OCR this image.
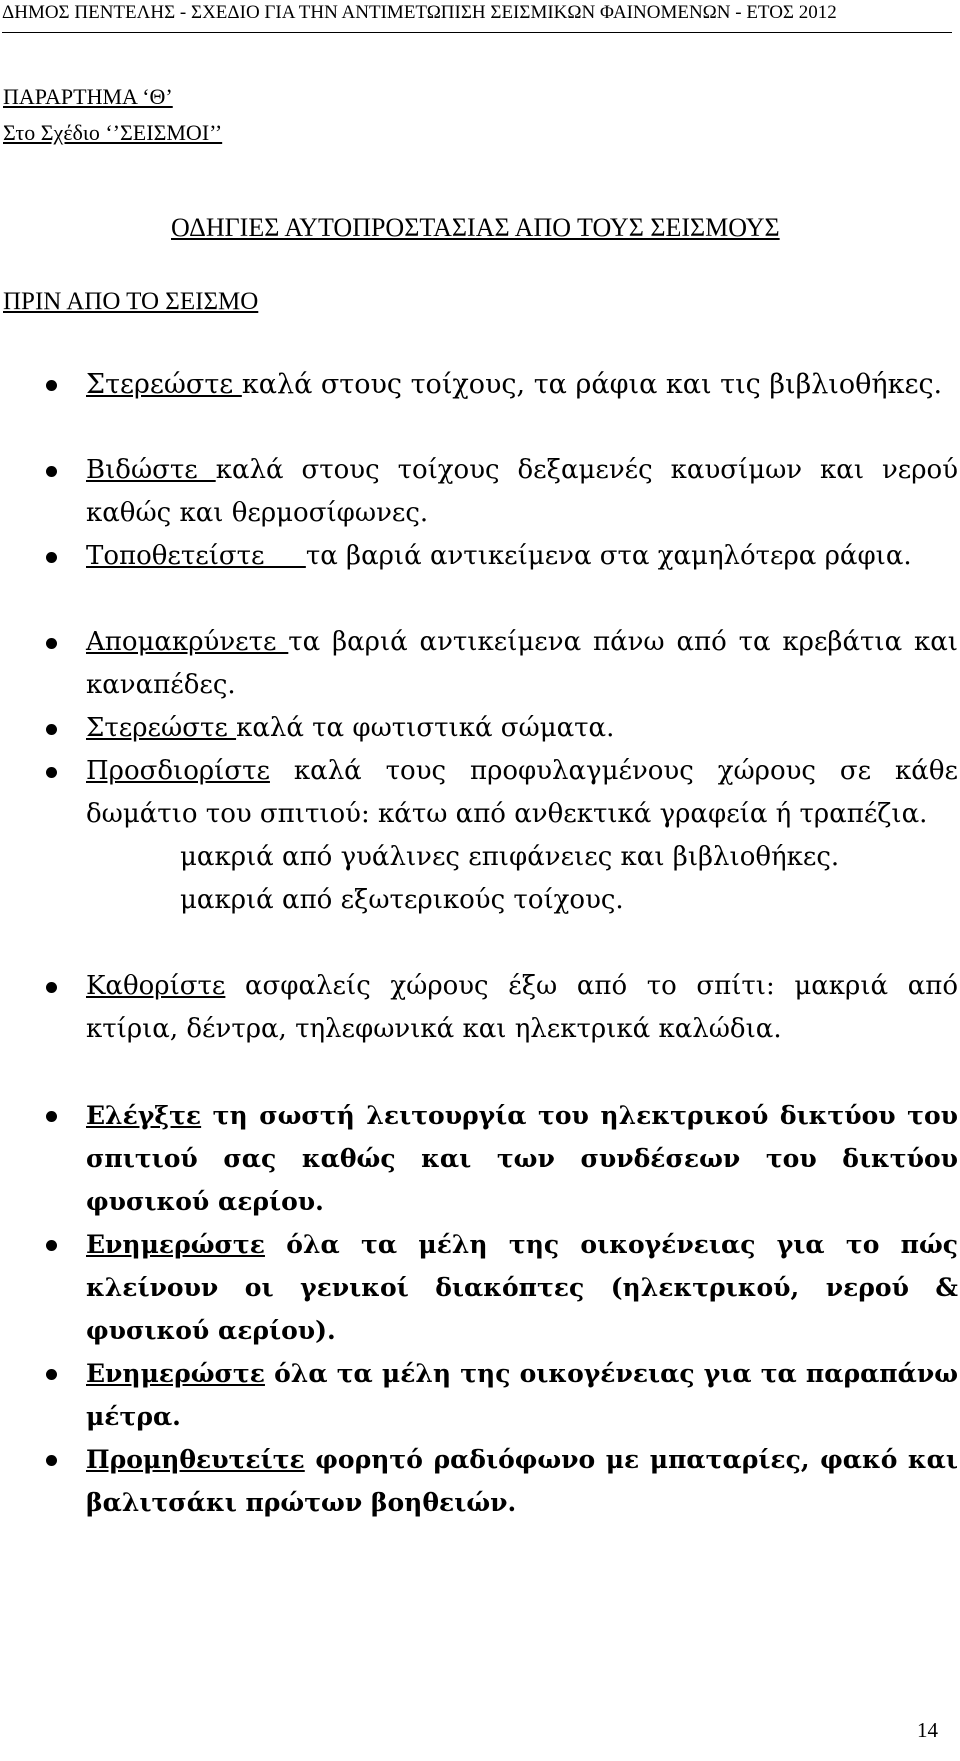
ΔΗΜΟΣ ΠΕΝΤΕΛΗΣ - ΣΧΕΔΙΟ ΓΙΑ ΤΗΝ ΑΝΤΙΜΕΤΩΠΙΣΗ ΣΕΙΣΜΙΚΩΝ ΦΑΙΝΟΜΕΝΩΝ - ΕΤΟΣ 2012
ΠΑΡΑΡΤΗΜΑ ‘Θ’
Στο Σχέδιο ‘’ΣΕΙΣΜΟΙ’’
ΟΔΗΓΙΕΣ ΑΥΤΟΠΡΟΣΤΑΣΙΑΣ ΑΠΟ ΤΟΥΣ ΣΕΙΣΜΟΥΣ
ΠΡΙΝ ΑΠΟ ΤΟ ΣΕΙΣΜΟ
Στερεώστε καλά στους τοίχους, τα ράφια και τις βιβλιοθήκες.
Βιδώστε καλά στους τοίχους δεξαμενές καυσίμων και νερού καθώς και θερμοσίφωνες.
Τοποθετείστε     τα βαριά αντικείμενα στα χαμηλότερα ράφια.
Απομακρύνετε τα βαριά αντικείμενα πάνω από τα κρεβάτια και καναπέδες.
Στερεώστε καλά τα φωτιστικά σώματα.
Προσδιορίστε καλά τους προφυλαγμένους χώρους σε κάθε δωμάτιο του σπιτιού: κάτω από ανθεκτικά γραφεία ή τραπέζια.
μακριά από γυάλινες επιφάνειες και βιβλιοθήκες.
μακριά από εξωτερικούς τοίχους.
Καθορίστε ασφαλείς χώρους έξω από το σπίτι: μακριά από κτίρια, δέντρα, τηλεφωνικά και ηλεκτρικά καλώδια.
Ελέγξτε τη σωστή λειτουργία του ηλεκτρικού δικτύου του σπιτιού σας καθώς και των συνδέσεων του δικτύου φυσικού αερίου.
Ενημερώστε όλα τα μέλη της οικογένειας για το πώς κλείνουν οι γενικοί διακόπτες (ηλεκτρικού, νερού & φυσικού αερίου).
Ενημερώστε όλα τα μέλη της οικογένειας για τα παραπάνω μέτρα.
Προμηθευτείτε φορητό ραδιόφωνο με μπαταρίες, φακό και βαλιτσάκι πρώτων βοηθειών.
14
